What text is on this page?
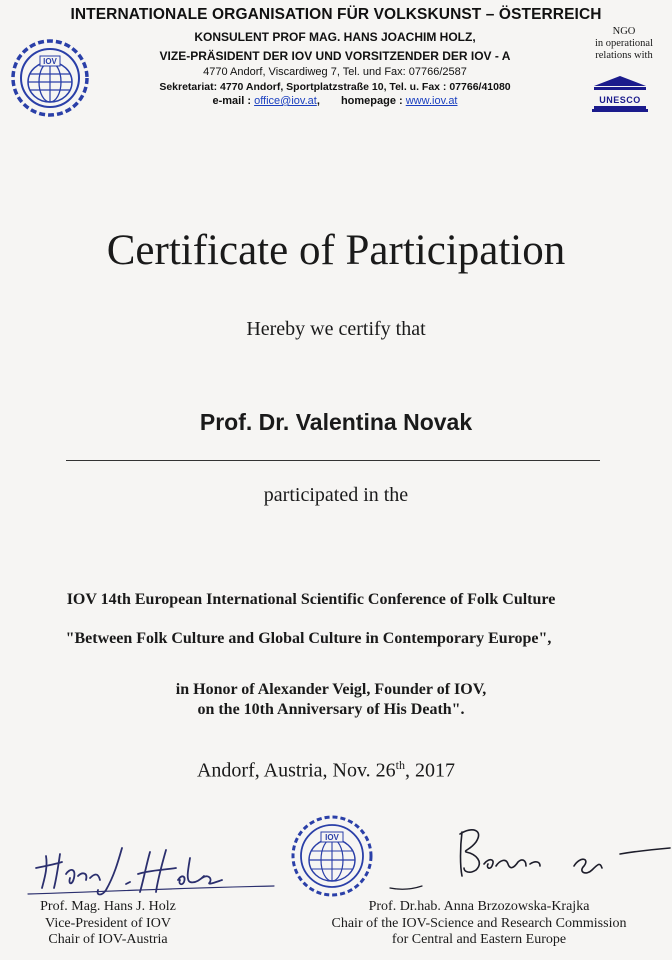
INTERNATIONALE ORGANISATION FÜR VOLKSKUNST – ÖSTERREICH
IOV
KONSULENT PROF MAG. HANS JOACHIM HOLZ,
VIZE-PRÄSIDENT DER IOV UND VORSITZENDER DER IOV - A
4770 Andorf, Viscardiweg 7, Tel. und Fax: 07766/2587
Sekretariat: 4770 Andorf, Sportplatzstraße 10, Tel. u. Fax : 07766/41080
e-mail : office@iov.at, homepage : www.iov.at
NGO
in operational
relations with
UNESCO
Certificate of Participation
Hereby we certify that
Prof. Dr. Valentina Novak
participated in the
IOV 14th European International Scientific Conference of Folk Culture
"Between Folk Culture and Global Culture in Contemporary Europe",
in Honor of Alexander Veigl, Founder of IOV,
on the 10th Anniversary of His Death".
Andorf, Austria, Nov. 26th, 2017
IOV
Prof. Mag. Hans J. Holz
Vice-President of IOV
Chair of IOV-Austria
Prof. Dr.hab. Anna Brzozowska-Krajka
Chair of the IOV-Science and Research Commission
for Central and Eastern Europe
